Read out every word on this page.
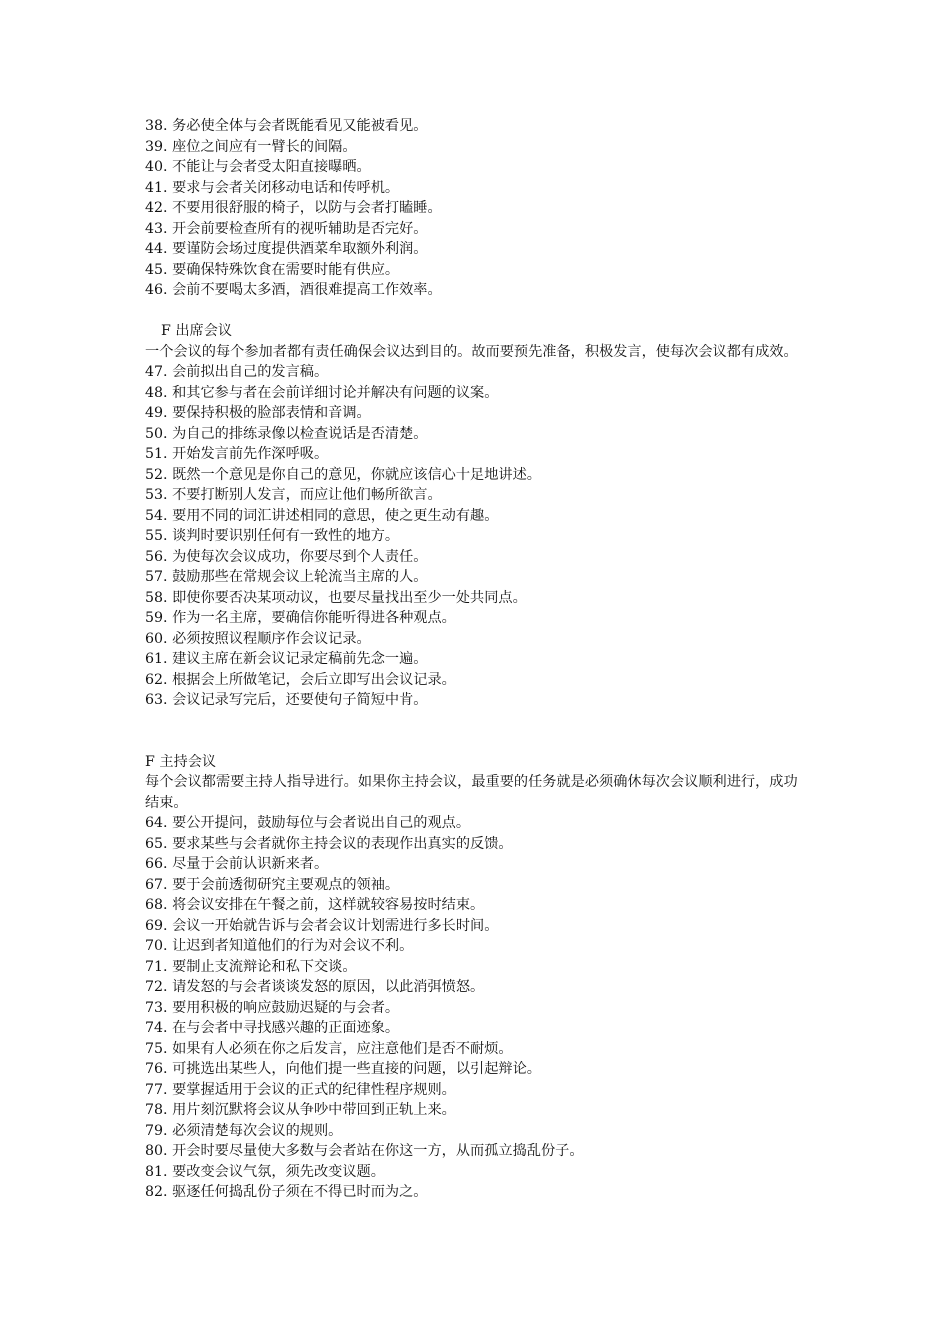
38. 务必使全体与会者既能看见又能被看见。

39. 座位之间应有一臂长的间隔。

40. 不能让与会者受太阳直接曝晒。

41. 要求与会者关闭移动电话和传呼机。

42. 不要用很舒服的椅子，以防与会者打瞌睡。

43. 开会前要检查所有的视听辅助是否完好。

44. 要谨防会场过度提供酒菜牟取额外利润。

45. 要确保特殊饮食在需要时能有供应。

46. 会前不要喝太多酒，酒很难提高工作效率。

F 出席会议

一个会议的每个参加者都有责任确保会议达到目的。故而要预先准备，积极发言，使每次会议都有成效。

47. 会前拟出自己的发言稿。

48. 和其它参与者在会前详细讨论并解决有问题的议案。

49. 要保持积极的脸部表情和音调。

50. 为自己的排练录像以检查说话是否清楚。

51. 开始发言前先作深呼吸。

52. 既然一个意见是你自己的意见，你就应该信心十足地讲述。

53. 不要打断别人发言，而应让他们畅所欲言。

54. 要用不同的词汇讲述相同的意思，使之更生动有趣。

55. 谈判时要识别任何有一致性的地方。

56. 为使每次会议成功，你要尽到个人责任。

57. 鼓励那些在常规会议上轮流当主席的人。

58. 即使你要否决某项动议，也要尽量找出至少一处共同点。

59. 作为一名主席，要确信你能听得进各种观点。

60. 必须按照议程顺序作会议记录。

61. 建议主席在新会议记录定稿前先念一遍。

62. 根据会上所做笔记，会后立即写出会议记录。

63. 会议记录写完后，还要使句子简短中肯。

F 主持会议

每个会议都需要主持人指导进行。如果你主持会议，最重要的任务就是必须确休每次会议顺利进行，成功结束。

64. 要公开提问，鼓励每位与会者说出自己的观点。

65. 要求某些与会者就你主持会议的表现作出真实的反馈。

66. 尽量于会前认识新来者。

67. 要于会前透彻研究主要观点的领袖。

68. 将会议安排在午餐之前，这样就较容易按时结束。

69. 会议一开始就告诉与会者会议计划需进行多长时间。

70. 让迟到者知道他们的行为对会议不利。

71. 要制止支流辩论和私下交谈。

72. 请发怒的与会者谈谈发怒的原因，以此消弭愤怒。

73. 要用积极的响应鼓励迟疑的与会者。

74. 在与会者中寻找感兴趣的正面迹象。

75. 如果有人必须在你之后发言，应注意他们是否不耐烦。

76. 可挑选出某些人，向他们提一些直接的问题，以引起辩论。

77. 要掌握适用于会议的正式的纪律性程序规则。

78. 用片刻沉默将会议从争吵中带回到正轨上来。

79. 必须清楚每次会议的规则。

80. 开会时要尽量使大多数与会者站在你这一方，从而孤立捣乱份子。

81. 要改变会议气氛，须先改变议题。

82. 驱逐任何捣乱份子须在不得已时而为之。
